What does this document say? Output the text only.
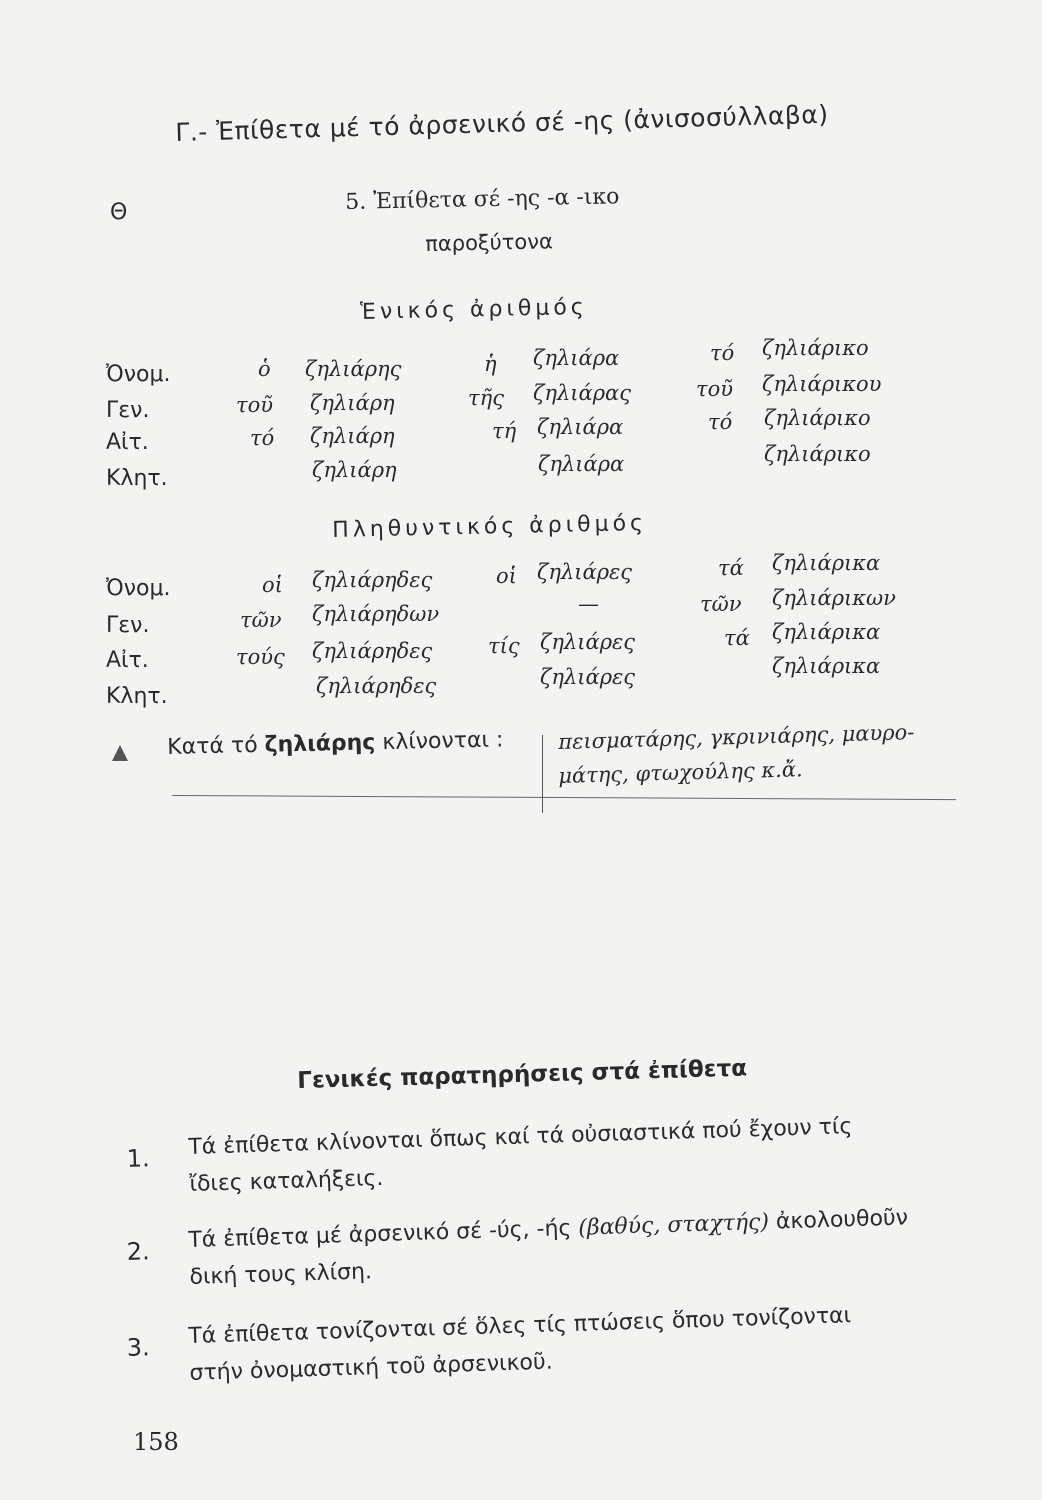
Γ.- Ἐπίθετα μέ τό ἀρσενικό σέ -ης (ἀνισοσύλλαβα)
Θ	5. Ἐπίθετα σέ -ης -α -ικο
παροξύτονα
Ἑνικός ἀριθμός
Ὀνομ.	ὁ ζηλιάρης	ἡ ζηλιάρα	τό ζηλιάρικο
Γεν.	τοῦ ζηλιάρη	τῆς ζηλιάρας	τοῦ ζηλιάρικου
Αἰτ.	τό ζηλιάρη	τή ζηλιάρα	τό ζηλιάρικο
Κλητ.	ζηλιάρη	ζηλιάρα	ζηλιάρικο
Πληθυντικός ἀριθμός
Ὀνομ.	οἱ ζηλιάρηδες	οἱ ζηλιάρες	τά ζηλιάρικα
Γεν.	τῶν ζηλιάρηδων	—	τῶν ζηλιάρικων
Αἰτ.	τούς ζηλιάρηδες	τίς ζηλιάρες	τά ζηλιάρικα
Κλητ.	ζηλιάρηδες	ζηλιάρες	ζηλιάρικα
Κατά τό ζηλιάρης κλίνονται :	πεισματάρης, γκρινιάρης, μαυρο-
μάτης, φτωχούλης κ.ἄ.
Γενικές παρατηρήσεις στά ἐπίθετα
1. Τά ἐπίθετα κλίνονται ὅπως καί τά οὐσιαστικά πού ἔχουν τίς
ἴδιες καταλήξεις.
2. Τά ἐπίθετα μέ ἀρσενικό σέ -ύς, -ής (βαθύς, σταχτής) ἀκολουθοῦν
δική τους κλίση.
3. Τά ἐπίθετα τονίζονται σέ ὅλες τίς πτώσεις ὅπου τονίζονται
στήν ὀνομαστική τοῦ ἀρσενικοῦ.
158
